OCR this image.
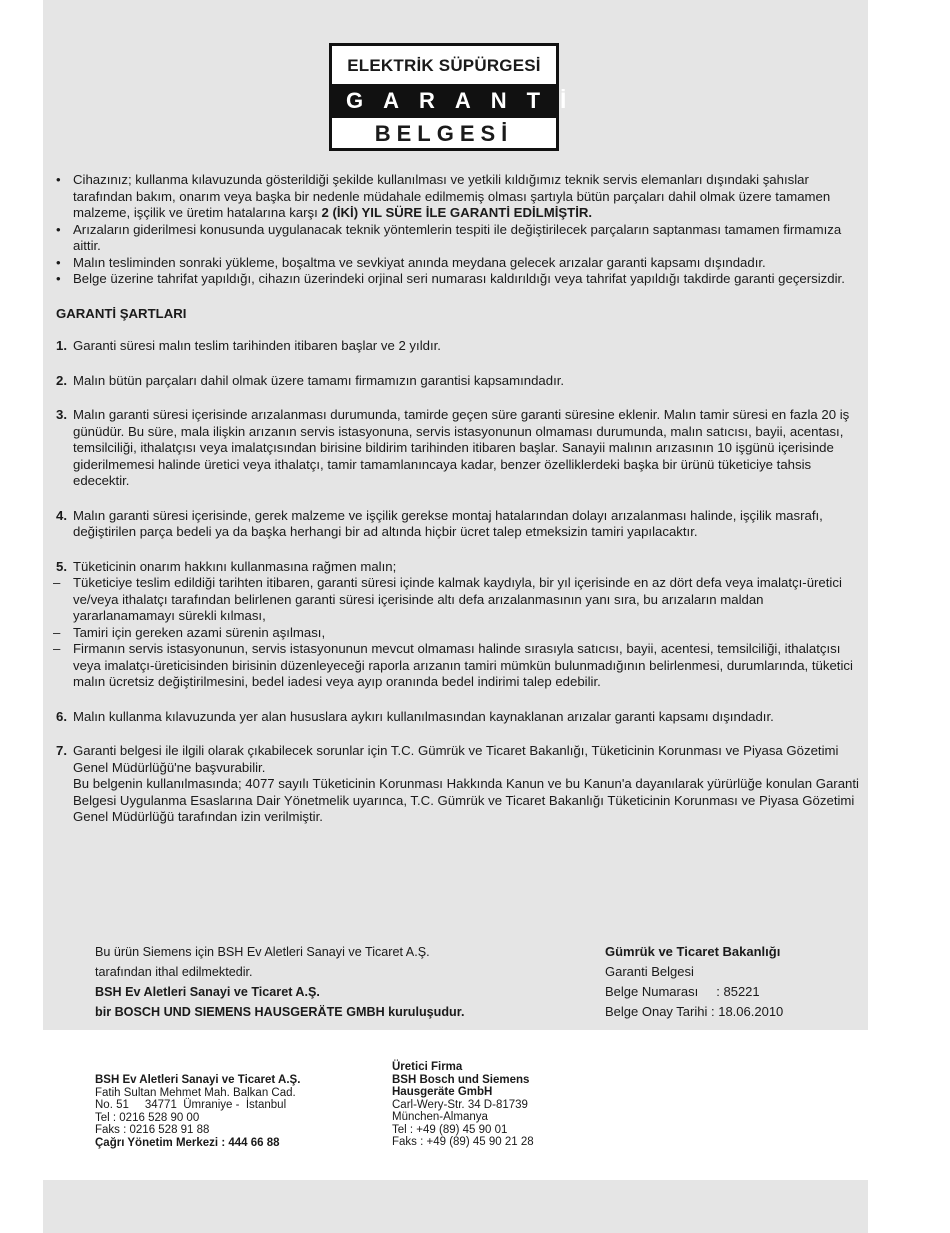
ELEKTRİK SÜPÜRGESİ
GARANTİ
BELGESİ
• Cihazınız; kullanma kılavuzunda gösterildiği şekilde kullanılması ve yetkili kıldığımız teknik servis elemanları dışındaki şahıslar tarafından bakım, onarım veya başka bir nedenle müdahale edilmemiş olması şartıyla bütün parçaları dahil olmak üzere tamamen malzeme, işçilik ve üretim hatalarına karşı 2 (İKİ) YIL SÜRE İLE GARANTİ EDİLMİŞTİR.
• Arızaların giderilmesi konusunda uygulanacak teknik yöntemlerin tespiti ile değiştirilecek parçaların saptanması tamamen firmamıza aittir.
• Malın tesliminden sonraki yükleme, boşaltma ve sevkiyat anında meydana gelecek arızalar garanti kapsamı dışındadır.
• Belge üzerine tahrifat yapıldığı, cihazın üzerindeki orjinal seri numarası kaldırıldığı veya tahrifat yapıldığı takdirde garanti geçersizdir.
GARANTİ ŞARTLARI
1. Garanti süresi malın teslim tarihinden itibaren başlar ve 2 yıldır.
2. Malın bütün parçaları dahil olmak üzere tamamı firmamızın garantisi kapsamındadır.
3. Malın garanti süresi içerisinde arızalanması durumunda, tamirde geçen süre garanti süresine eklenir. Malın tamir süresi en fazla 20 iş günüdür. Bu süre, mala ilişkin arızanın servis istasyonuna, servis istasyonunun olmaması durumunda, malın satıcısı, bayii, acentası, temsilciliği, ithalatçısı veya imalatçısından birisine bildirim tarihinden itibaren başlar. Sanayii malının arızasının 10 işgünü içerisinde giderilmemesi halinde üretici veya ithalatçı, tamir tamamlanıncaya kadar, benzer özelliklerdeki başka bir ürünü tüketiciye tahsis edecektir.
4. Malın garanti süresi içerisinde, gerek malzeme ve işçilik gerekse montaj hatalarından dolayı arızalanması halinde, işçilik masrafı, değiştirilen parça bedeli ya da başka herhangi bir ad altında hiçbir ücret talep etmeksizin tamiri yapılacaktır.
5. Tüketicinin onarım hakkını kullanmasına rağmen malın;
– Tüketiciye teslim edildiği tarihten itibaren, garanti süresi içinde kalmak kaydıyla, bir yıl içerisinde en az dört defa veya imalatçı-üretici ve/veya ithalatçı tarafından belirlenen garanti süresi içerisinde altı defa arızalanmasının yanı sıra, bu arızaların maldan yararlanamamayı sürekli kılması,
– Tamiri için gereken azami sürenin aşılması,
– Firmanın servis istasyonunun, servis istasyonunun mevcut olmaması halinde sırasıyla satıcısı, bayii, acentesi, temsilciliği, ithalatçısı veya imalatçı-üreticisinden birisinin düzenleyeceği raporla arızanın tamiri mümkün bulunmadığının belirlenmesi, durumlarında, tüketici malın ücretsiz değiştirilmesini, bedel iadesi veya ayıp oranında bedel indirimi talep edebilir.
6. Malın kullanma kılavuzunda yer alan hususlara aykırı kullanılmasından kaynaklanan arızalar garanti kapsamı dışındadır.
7. Garanti belgesi ile ilgili olarak çıkabilecek sorunlar için T.C. Gümrük ve Ticaret Bakanlığı, Tüketicinin Korunması ve Piyasa Gözetimi Genel Müdürlüğü'ne başvurabilir.
Bu belgenin kullanılmasında; 4077 sayılı Tüketicinin Korunması Hakkında Kanun ve bu Kanun'a dayanılarak yürürlüğe konulan Garanti Belgesi Uygulanma Esaslarına Dair Yönetmelik uyarınca, T.C. Gümrük ve Ticaret Bakanlığı Tüketicinin Korunması ve Piyasa Gözetimi Genel Müdürlüğü tarafından izin verilmiştir.
Bu ürün Siemens için BSH Ev Aletleri Sanayi ve Ticaret A.Ş.
tarafından ithal edilmektedir.
BSH Ev Aletleri Sanayi ve Ticaret A.Ş.
bir BOSCH UND SIEMENS HAUSGERÄTE GMBH kuruluşudur.
Gümrük ve Ticaret Bakanlığı
Garanti Belgesi
Belge Numarası     : 85221
Belge Onay Tarihi : 18.06.2010
BSH Ev Aletleri Sanayi ve Ticaret A.Ş.
Fatih Sultan Mehmet Mah. Balkan Cad.
No. 51     34771  Ümraniye -  İstanbul
Tel : 0216 528 90 00
Faks : 0216 528 91 88
Çağrı Yönetim Merkezi : 444 66 88
Üretici Firma
BSH Bosch und Siemens
Hausgeräte GmbH
Carl-Wery-Str. 34 D-81739
München-Almanya
Tel : +49 (89) 45 90 01
Faks : +49 (89) 45 90 21 28
